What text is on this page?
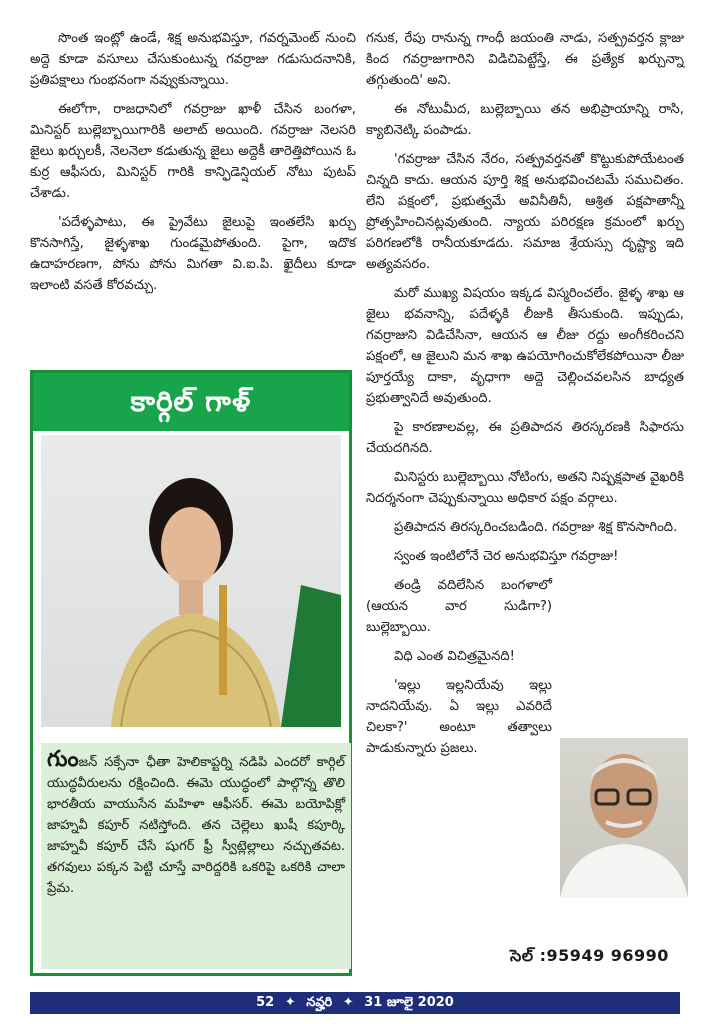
సొంత ఇంట్లో ఉండే, శిక్ష అనుభవిస్తూ, గవర్నమెంట్ నుంచి అద్దె కూడా వసూలు చేసుకుంటున్న గవర్రాజు గడుసుదనానికి, ప్రతిపక్షాలు గుంభనంగా నవ్వుకున్నాయి.

ఈలోగా, రాజధానిలో గవర్రాజు ఖాళీ చేసిన బంగళా, మినిస్టర్ బుల్లెబ్బాయిగారికి అలాట్ అయింది. గవర్రాజు నెలసరి జైలు ఖర్చులకీ, నెలనెలా కడుతున్న జైలు అద్దెకీ తారెత్తిపోయిన ఓ కుర్ర ఆఫీసరు, మినిస్టర్ గారికి కాన్ఫిడెన్షియల్ నోటు పుటప్ చేశాడు.

'పదేళ్ళపాటు, ఈ ప్రైవేటు జైలుపై ఇంతలేసి ఖర్చు కొనసాగిస్తే, జైళ్ళశాఖ గుండమైపోతుంది. పైగా, ఇదొక ఉదాహరణగా, పోను పోను మిగతా వి.ఐ.పి. ఖైదీలు కూడా ఇలాంటి వసతే కోరవచ్చు.

కార్గిల్ గాళ్

గుంజన్ సక్సేనా ఛీతా హెలికాప్టర్ని నడిపి ఎందరో కార్గిల్ యుద్ధవీరులను రక్షించింది. ఈమె యుద్ధంలో పాల్గొన్న తొలి భారతీయ వాయుసేన మహిళా ఆఫీసర్. ఈమె బయోపిక్లో జాహ్నవీ కపూర్ నటిస్తోంది. తన చెల్లెలు ఖుషీ కపూర్కి జాహ్నవీ కపూర్ చేసే షుగర్ ఫ్రీ స్వీట్లెల్లాలు నచ్చుతవట. తగవులు పక్కన పెట్టి చూస్తే వారిద్దరికి ఒకరిపై ఒకరికి చాలా ప్రేమ.

గనుక, రేపు రానున్న గాంధీ జయంతి నాడు, సత్ప్రవర్తన క్లాజు కింద గవర్రాజుగారిని విడిచిపెట్టేస్తే, ఈ ప్రత్యేక ఖర్చున్నా తగ్గుతుంది' అని.

ఈ నోటుమీద, బుల్లెబ్బాయి తన అభిప్రాయాన్ని రాసి, క్యాబినెట్కి పంపాడు.

'గవర్రాజు చేసిన నేరం, సత్ప్రవర్తనతో కొట్టుకుపోయేటంత చిన్నది కాదు. ఆయన పూర్తి శిక్ష అనుభవించటమే సముచితం. లేని పక్షంలో, ప్రభుత్వమే అవినీతినీ, ఆశ్రిత పక్షపాతాన్నీ ప్రోత్సహించినట్లవుతుంది. న్యాయ పరిరక్షణ క్రమంలో ఖర్చు పరిగణలోకి రానీయకూడదు. సమాజ శ్రేయస్సు దృష్ట్యా ఇది అత్యవసరం.

మరో ముఖ్య విషయం ఇక్కడ విస్మరించలేం. జైళ్ళ శాఖ ఆ జైలు భవనాన్ని, పదేళ్ళకి లీజుకి తీసుకుంది. ఇప్పుడు, గవర్రాజుని విడిచేసినా, ఆయన ఆ లీజు రద్దు అంగీకరించని పక్షంలో, ఆ జైలుని మన శాఖ ఉపయోగించుకోలేకపోయినా లీజు పూర్తయ్యే దాకా, వృధాగా అద్దె చెల్లించవలసిన బాధ్యత ప్రభుత్వానిదే అవుతుంది.

పై కారణాలవల్ల, ఈ ప్రతిపాదన తిరస్కరణకి సిఫారసు చేయదగినది.

మినిస్టరు బుల్లెబ్బాయి నోటింగు, అతని నిష్పక్షపాత వైఖరికి నిదర్శనంగా చెప్పుకున్నాయి అధికార పక్షం వర్గాలు.

ప్రతిపాదన తిరస్కరించబడింది. గవర్రాజు శిక్ష కొనసాగింది.

స్వంత ఇంటిలోనే చెర అనుభవిస్తూ గవర్రాజు!

తండ్రి వదిలేసిన బంగళాలో (ఆయన వార సుడిగా?) బుల్లెబ్బాయి.

విధి ఎంత విచిత్రమైనది!

'ఇల్లు ఇల్లనియేవు ఇల్లు నాదనియేవు. ఏ ఇల్లు ఎవరిదే చిలకా?' అంటూ తత్వాలు పాడుకున్నారు ప్రజలు.

సెల్ :95949 96990
52 ✦ నవ్హరి ✦ 31 జూలై 2020
